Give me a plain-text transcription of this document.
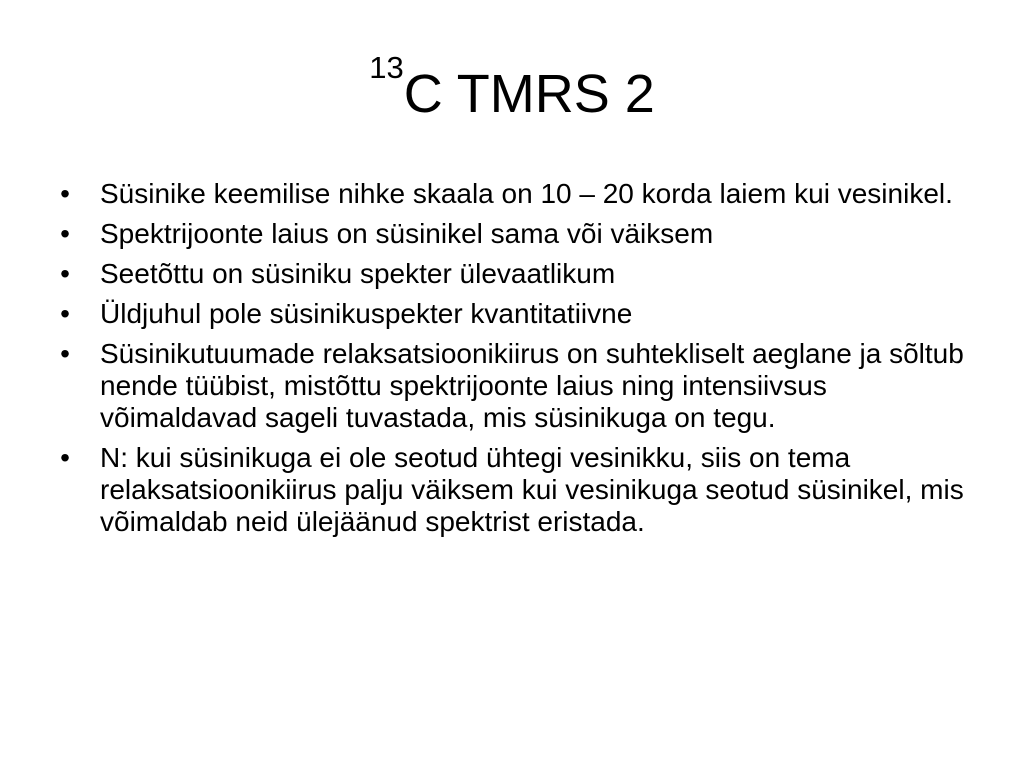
$^{13}$C TMRS 2
• Süsinike keemilise nihke skaala on 10 – 20 korda laiem kui vesinikel.
• Spektrijoonte laius on süsinikel sama või väiksem
• Seetõttu on süsiniku spekter ülevaatlikum
• Üldjuhul pole süsinikuspekter kvantitatiivne
• Süsinikutuumade relaksatsioonikiirus on suhtekliselt aeglane ja sõltub nende tüübist, mistõttu spektrijoonte laius ning intensiivsus võimaldavad sageli tuvastada, mis süsinikuga on tegu.
• N: kui süsinikuga ei ole seotud ühtegi vesinikku, siis on tema relaksatsioonikiirus palju väiksem kui vesinikuga seotud süsinikel, mis võimaldab neid ülejäänud spektrist eristada.
